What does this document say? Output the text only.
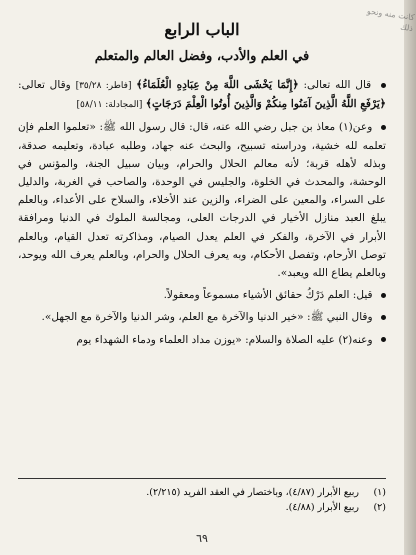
الباب الرابع
في العلم والأدب، وفضل العالم والمتعلم

قال الله تعالى: ﴿إِنَّمَا يَخْشَى اللَّهَ مِنْ عِبَادِهِ الْعُلَمَاءُ﴾ [فاطر: ٣٥/٢٨] وقال تعالى: ﴿يَرْفَعِ اللَّهُ الَّذِينَ آمَنُوا مِنكُمْ وَالَّذِينَ أُوتُوا الْعِلْمَ دَرَجَاتٍ﴾ [المجادلة: ٥٨/١١]

وعن(١) معاذ بن جبل رضي الله عنه، قال: قال رسول الله ﷺ: «تعلموا العلم فإن تعلمه لله خشية، ودراسته تسبيح، والبحث عنه جهاد، وطلبه عبادة، وتعليمه صدقة، وبذله لأهله قربة؛ لأنه معالم الحلال والحرام، وبيان سبيل الجنة، والمؤنس في الوحشة، والمحدث في الخلوة، والجليس في الوحدة، والصاحب في الغربة، والدليل على السراء، والمعين على الضراء، والزين عند الأخلاء، والسلاح على الأعداء، وبالعلم يبلغ العبد منازل الأخيار في الدرجات العلى، ومجالسة الملوك في الدنيا ومرافقة الأبرار في الآخرة، والفكر في العلم يعدل الصيام، ومذاكرته تعدل القيام، وبالعلم توصل الأرحام، وتفصل الأحكام، وبه يعرف الحلال والحرام، وبالعلم يعرف الله ويوحد، وبالعلم يطاع الله ويعبد».

قيل: العلم دَرْكُ حقائق الأشياء مسموعاً ومعقولاً.

وقال النبي ﷺ: «خير الدنيا والآخرة مع العلم، وشر الدنيا والآخرة مع الجهل».

وعنه(٢) عليه الصلاة والسلام: «يوزن مداد العلماء ودماء الشهداء يوم

(١) ربيع الأبرار (٤/٨٧)، وباختصار في العقد الفريد (٢/٢١٥).
(٢) ربيع الأبرار (٤/٨٨).
٦٩
كانت منه ونحو ذلك
